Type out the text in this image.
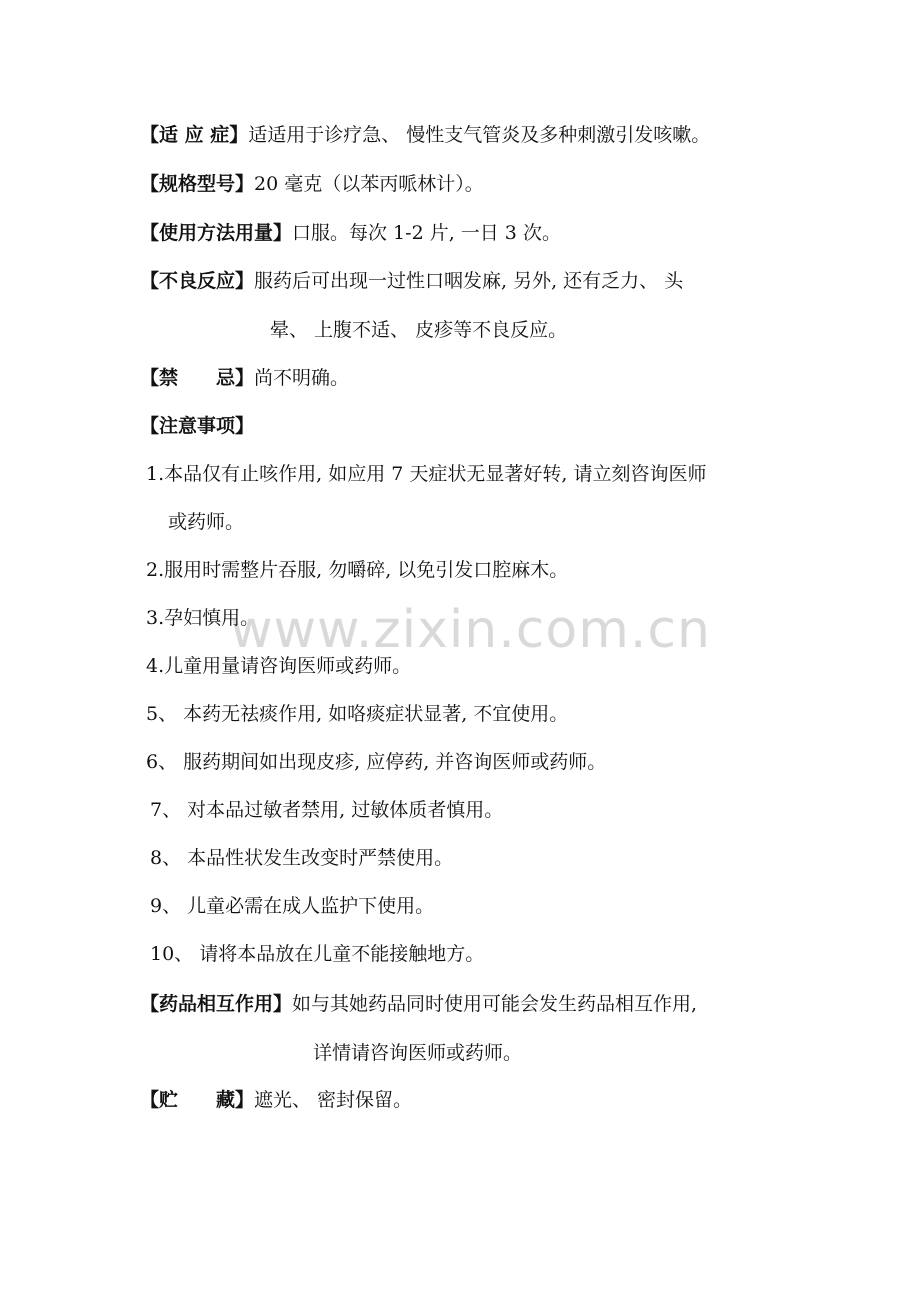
www.zixin.com.cn
【适 应 症】适适用于诊疗急、 慢性支气管炎及多种刺激引发咳嗽。
【规格型号】20 毫克（以苯丙哌林计）。
【使用方法用量】口服。每次 1-2 片, 一日 3 次。
【不良反应】服药后可出现一过性口咽发麻, 另外, 还有乏力、 头
晕、 上腹不适、 皮疹等不良反应。
【禁　　忌】尚不明确。
【注意事项】
1.本品仅有止咳作用, 如应用 7 天症状无显著好转, 请立刻咨询医师
或药师。
2.服用时需整片吞服, 勿嚼碎, 以免引发口腔麻木。
3.孕妇慎用。
4.儿童用量请咨询医师或药师。
5、 本药无祛痰作用, 如咯痰症状显著, 不宜使用。
6、 服药期间如出现皮疹, 应停药, 并咨询医师或药师。
7、 对本品过敏者禁用, 过敏体质者慎用。
8、 本品性状发生改变时严禁使用。
9、 儿童必需在成人监护下使用。
10、 请将本品放在儿童不能接触地方。
【药品相互作用】如与其她药品同时使用可能会发生药品相互作用,
详情请咨询医师或药师。
【贮　　藏】遮光、 密封保留。
